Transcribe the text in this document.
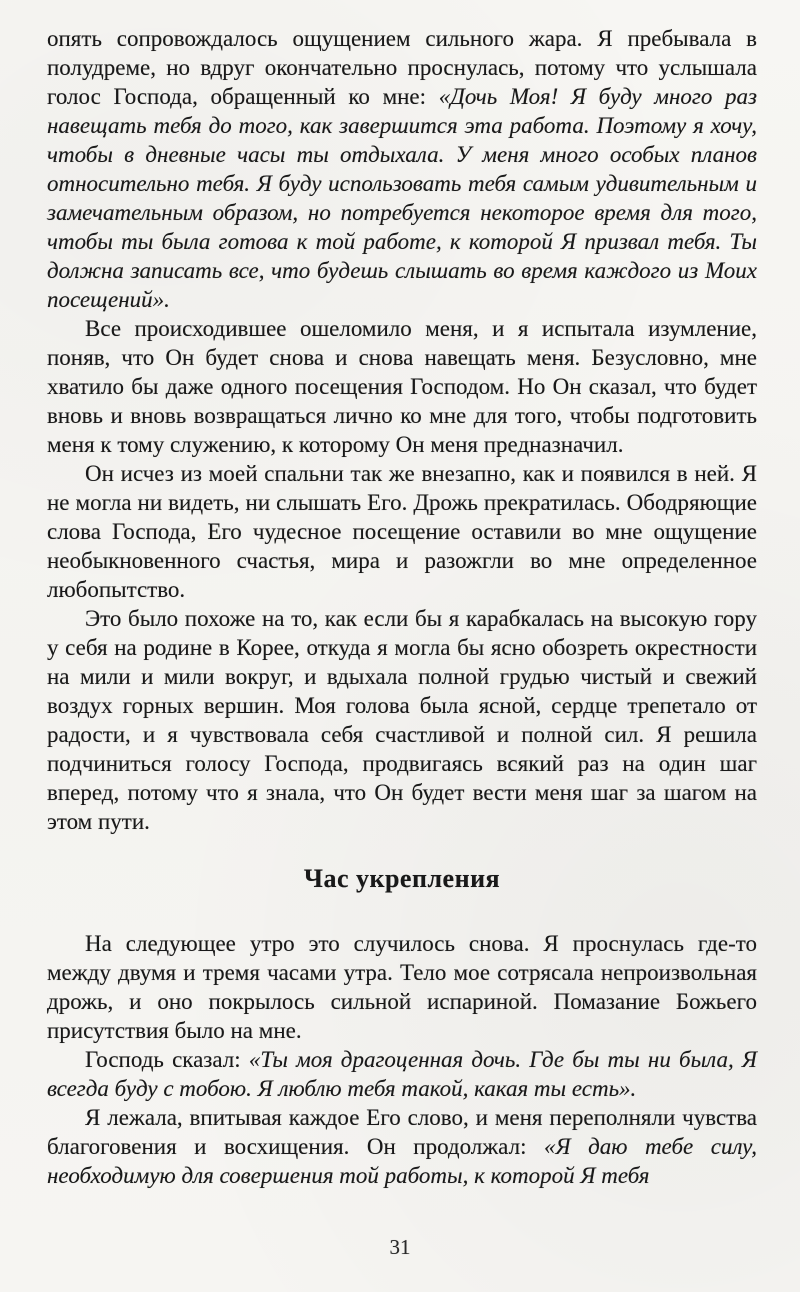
опять сопровождалось ощущением сильного жара. Я пребывала в полудреме, но вдруг окончательно проснулась, потому что услышала голос Господа, обращенный ко мне: «Дочь Моя! Я буду много раз навещать тебя до того, как завершится эта работа. Поэтому я хочу, чтобы в дневные часы ты отдыхала. У меня много особых планов относительно тебя. Я буду использовать тебя самым удивительным и замечательным образом, но потребуется некоторое время для того, чтобы ты была готова к той работе, к которой Я призвал тебя. Ты должна записать все, что будешь слышать во время каждого из Моих посещений».

Все происходившее ошеломило меня, и я испытала изумление, поняв, что Он будет снова и снова навещать меня. Безусловно, мне хватило бы даже одного посещения Господом. Но Он сказал, что будет вновь и вновь возвращаться лично ко мне для того, чтобы подготовить меня к тому служению, к которому Он меня предназначил.

Он исчез из моей спальни так же внезапно, как и появился в ней. Я не могла ни видеть, ни слышать Его. Дрожь прекратилась. Ободряющие слова Господа, Его чудесное посещение оставили во мне ощущение необыкновенного счастья, мира и разожгли во мне определенное любопытство.

Это было похоже на то, как если бы я карабкалась на высокую гору у себя на родине в Корее, откуда я могла бы ясно обозреть окрестности на мили и мили вокруг, и вдыхала полной грудью чистый и свежий воздух горных вершин. Моя голова была ясной, сердце трепетало от радости, и я чувствовала себя счастливой и полной сил. Я решила подчиниться голосу Господа, продвигаясь всякий раз на один шаг вперед, потому что я знала, что Он будет вести меня шаг за шагом на этом пути.

Час укрепления

На следующее утро это случилось снова. Я проснулась где-то между двумя и тремя часами утра. Тело мое сотрясала непроизвольная дрожь, и оно покрылось сильной испариной. Помазание Божьего присутствия было на мне.

Господь сказал: «Ты моя драгоценная дочь. Где бы ты ни была, Я всегда буду с тобою. Я люблю тебя такой, какая ты есть».

Я лежала, впитывая каждое Его слово, и меня переполняли чувства благоговения и восхищения. Он продолжал: «Я даю тебе силу, необходимую для совершения той работы, к которой Я тебя

31
